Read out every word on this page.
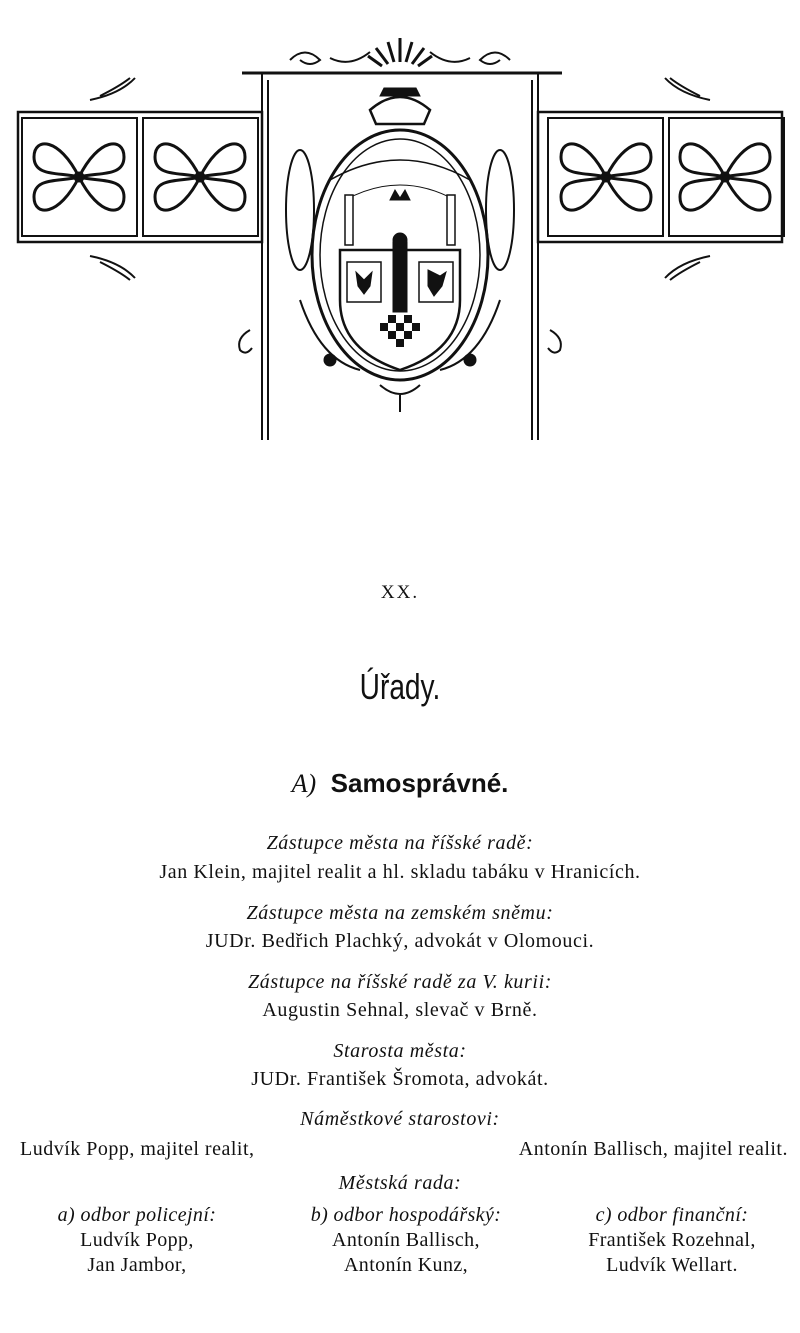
XX.
Úřady.
A) Samosprávné.
Zástupce města na říšské radě:
Jan Klein, majitel realit a hl. skladu tabáku v Hranicích.
Zástupce města na zemském sněmu:
JUDr. Bedřich Plachký, advokát v Olomouci.
Zástupce na říšské radě za V. kurii:
Augustin Sehnal, slevač v Brně.
Starosta města:
JUDr. František Šromota, advokát.
Náměstkové starostovi:
Ludvík Popp, majitel realit,	Antonín Ballisch, majitel realit.
Městská rada:
a) odbor policejní:
Ludvík Popp,
Jan Jambor,
b) odbor hospodářský:
Antonín Ballisch,
Antonín Kunz,
c) odbor finanční:
František Rozehnal,
Ludvík Wellart.
